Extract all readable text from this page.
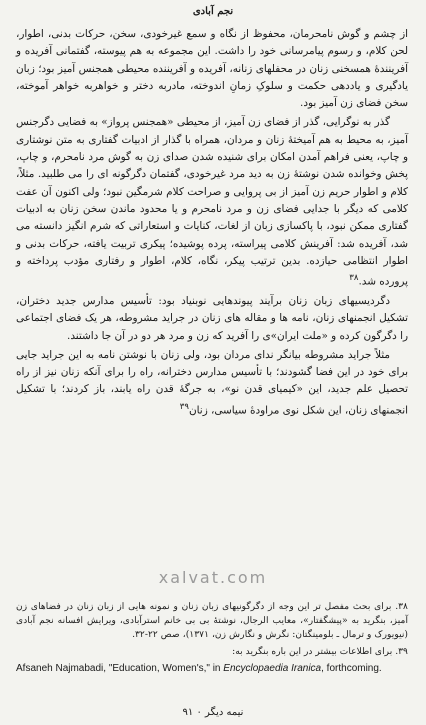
نجم آبادی

از چشم و گوش نامحرمان، محفوظ از نگاه و سمع غیرخودی، سخن، حرکات بدنی، اطوار، لحن کلام، و رسوم پیامرسانی خود را داشت. این مجموعه به هم پیوسته، گفتمانی آفریده و آفرینندهٔ همسخنی زنان در محفلهای زنانه، آفریده و آفریننده محیطی همجنس آمیز بود؛ زبان یادگیری و یاددهی حکمت و سلوکِ زمانِ اندوخته، مادربه دختر و خواهربه خواهر آموخته، سخن فضای زن آمیز بود.

گذر به نوگرایی، گذر از فضای زن آمیز، از محیطی «همجنس پرواز» به فضایی دگرجنس آمیز، به محیط به هم آمیختهٔ زنان و مردان، همراه با گذار از ادبیات گفتاری به متن نوشتاری و چاپ، یعنی فراهم آمدن امکان برای شنیده شدن صدای زن به گوش مرد نامحرم، و چاپ، پخش وخوانده شدن نوشتهٔ زن به دید مرد غیرخودی، گفتمان دگرگونه ای را می طلبید. مثلاً، کلام و اطوار حریم زن آمیز از بی پروایی و صراحت کلام شرمگین نبود؛ ولی اکنون آن عفت کلامی که دیگر با جدایی فضای زن و مرد نامحرم و یا محدود ماندن سخن زنان به ادبیات گفتاری ممکن نبود، با پاکسازی زبان از لغات، کنایات و استعاراتی که شرم انگیز دانسته می شد، آفریده شد: آفرینش کلامی پیراسته، پرده پوشیده؛ پیکری تربیت یافته، حرکات بدنی و اطوار انتظامی حیازده. بدین ترتیب پیکر، نگاه، کلام، اطوار و رفتاری مؤدب پرداخته و پرورده شد.$^{۳۸}$

دگردیسیهای زبان زنان برآیند پیوندهایی نوبنیاد بود: تأسیس مدارس جدید دختران، تشکیل انجمنهای زنان، نامه ها و مقاله های زنان در جراید مشروطه، هر یک فضای اجتماعی را دگرگون کرده و «ملت ایران»ی را آفرید که زن و مرد هر دو در آن جا داشتند.

مثلاً جراید مشروطه بیانگر ندای مردان بود، ولی زنان با نوشتن نامه به این جراید جایی برای خود در این فضا گشودند؛ با تأسیس مدارس دخترانه، راه را برای آنکه زنان نیز از راه تحصیل علم جدید، این «کیمیای قدن نو»، به جرگهٔ قدن راه یابند، باز کردند؛ با تشکیل انجمنهای زنان، این شکل نوی مراودهٔ سیاسی، زنان$^{۳۹}$

xalvat.com

۳۸. برای بحث مفصل تر این وجه از دگرگونیهای زبان زنان و نمونه هایی از زبان زنان در فضاهای زن آمیز، بنگرید به «پیشگفتار»، معایب الرجال، نوشتهٔ بی بی خانم استرآبادی، ویرایش افسانه نجم آبادی (نیویورک و ترمال ـ بلومینگتان: نگرش و نگارش زن، ۱۳۷۱)، صص ۲۲-۳۲.

۳۹. برای اطلاعات بیشتر در این باره بنگرید به:

Afsaneh Najmabadi, "Education, Women's," in Encyclopaedia Iranica, forthcoming.

نیمه دیگر ۰ ۹۱
